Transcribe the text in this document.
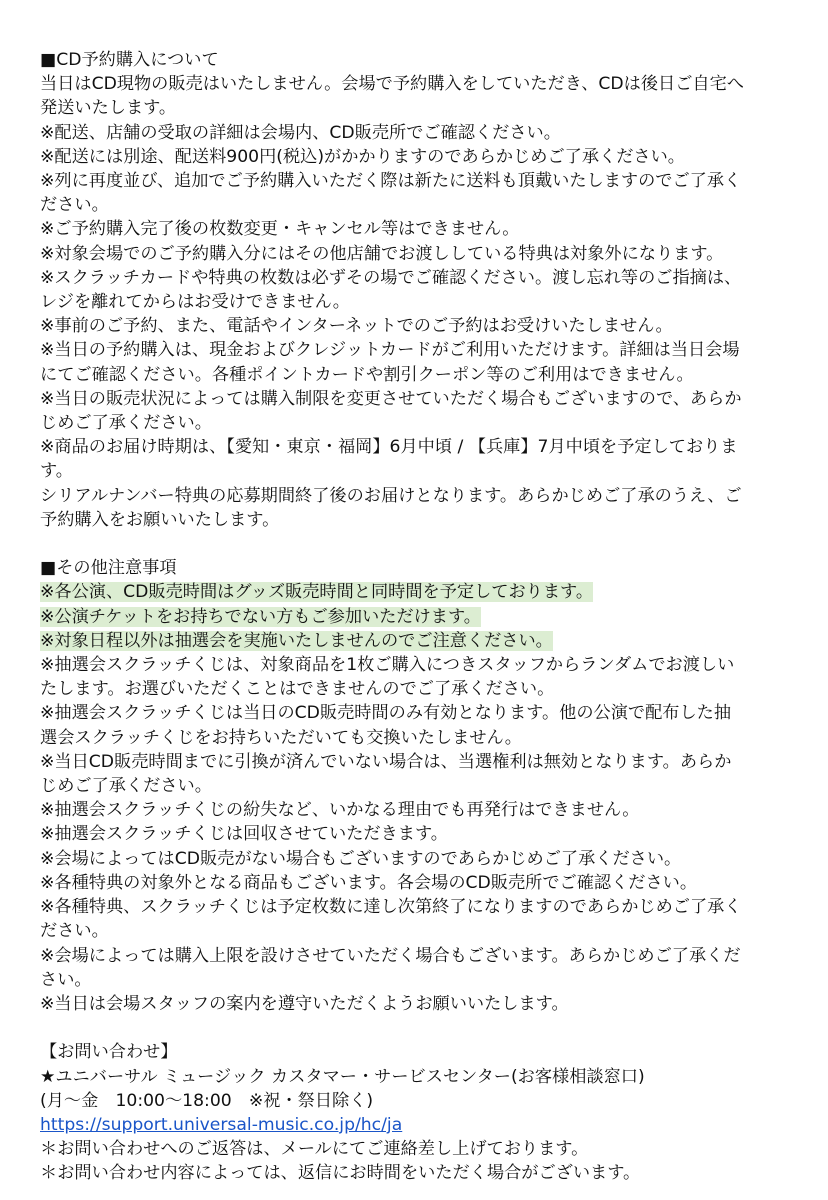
■CD予約購入について
当日はCD現物の販売はいたしません。会場で予約購入をしていただき、CDは後日ご自宅へ
発送いたします。
※配送、店舗の受取の詳細は会場内、CD販売所でご確認ください。
※配送には別途、配送料900円(税込)がかかりますのであらかじめご了承ください。
※列に再度並び、追加でご予約購入いただく際は新たに送料も頂戴いたしますのでご了承く
ださい。
※ご予約購入完了後の枚数変更・キャンセル等はできません。
※対象会場でのご予約購入分にはその他店舗でお渡ししている特典は対象外になります。
※スクラッチカードや特典の枚数は必ずその場でご確認ください。渡し忘れ等のご指摘は、
レジを離れてからはお受けできません。
※事前のご予約、また、電話やインターネットでのご予約はお受けいたしません。
※当日の予約購入は、現金およびクレジットカードがご利用いただけます。詳細は当日会場
にてご確認ください。各種ポイントカードや割引クーポン等のご利用はできません。
※当日の販売状況によっては購入制限を変更させていただく場合もございますので、あらか
じめご了承ください。
※商品のお届け時期は、【愛知・東京・福岡】6月中頃 / 【兵庫】7月中頃を予定しておりま
す。
シリアルナンバー特典の応募期間終了後のお届けとなります。あらかじめご了承のうえ、ご
予約購入をお願いいたします。
■その他注意事項
※各公演、CD販売時間はグッズ販売時間と同時間を予定しております。
※公演チケットをお持ちでない方もご参加いただけます。
※対象日程以外は抽選会を実施いたしませんのでご注意ください。
※抽選会スクラッチくじは、対象商品を1枚ご購入につきスタッフからランダムでお渡しい
たします。お選びいただくことはできませんのでご了承ください。
※抽選会スクラッチくじは当日のCD販売時間のみ有効となります。他の公演で配布した抽
選会スクラッチくじをお持ちいただいても交換いたしません。
※当日CD販売時間までに引換が済んでいない場合は、当選権利は無効となります。あらか
じめご了承ください。
※抽選会スクラッチくじの紛失など、いかなる理由でも再発行はできません。
※抽選会スクラッチくじは回収させていただきます。
※会場によってはCD販売がない場合もございますのであらかじめご了承ください。
※各種特典の対象外となる商品もございます。各会場のCD販売所でご確認ください。
※各種特典、スクラッチくじは予定枚数に達し次第終了になりますのであらかじめご了承く
ださい。
※会場によっては購入上限を設けさせていただく場合もございます。あらかじめご了承くだ
さい。
※当日は会場スタッフの案内を遵守いただくようお願いいたします。
【お問い合わせ】
★ユニバーサル ミュージック カスタマー・サービスセンター(お客様相談窓口)
(月〜金　10:00〜18:00　※祝・祭日除く)
https://support.universal-music.co.jp/hc/ja
＊お問い合わせへのご返答は、メールにてご連絡差し上げております。
＊お問い合わせ内容によっては、返信にお時間をいただく場合がございます。
